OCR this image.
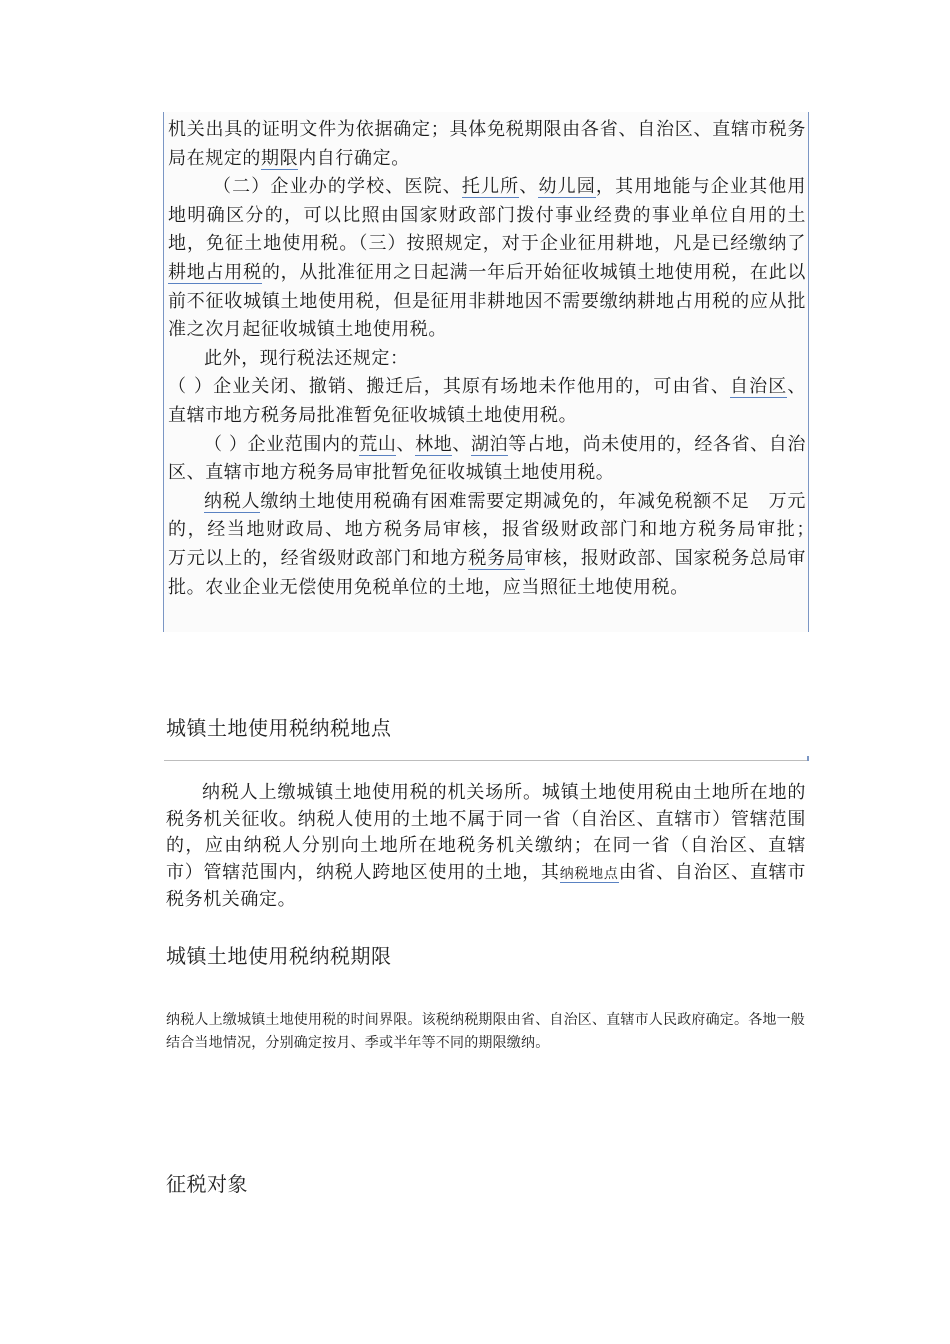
机关出具的证明文件为依据确定；具体免税期限由各省、自治区、直辖市税务局在规定的期限内自行确定。

（二）企业办的学校、医院、托儿所、幼儿园，其用地能与企业其他用地明确区分的，可以比照由国家财政部门拨付事业经费的事业单位自用的土地，免征土地使用税。（三）按照规定，对于企业征用耕地，凡是已经缴纳了耕地占用税的，从批准征用之日起满一年后开始征收城镇土地使用税，在此以前不征收城镇土地使用税，但是征用非耕地因不需要缴纳耕地占用税的应从批准之次月起征收城镇土地使用税。

此外，现行税法还规定：

（ ）企业关闭、撤销、搬迁后，其原有场地未作他用的，可由省、自治区、直辖市地方税务局批准暂免征收城镇土地使用税。

（ ）企业范围内的荒山、林地、湖泊等占地，尚未使用的，经各省、自治区、直辖市地方税务局审批暂免征收城镇土地使用税。

纳税人缴纳土地使用税确有困难需要定期减免的，年减免税额不足　万元的，经当地财政局、地方税务局审核，报省级财政部门和地方税务局审批；　万元以上的，经省级财政部门和地方税务局审核，报财政部、国家税务总局审批。农业企业无偿使用免税单位的土地，应当照征土地使用税。

城镇土地使用税纳税地点

纳税人上缴城镇土地使用税的机关场所。城镇土地使用税由土地所在地的税务机关征收。纳税人使用的土地不属于同一省（自治区、直辖市）管辖范围的，应由纳税人分别向土地所在地税务机关缴纳；在同一省（自治区、直辖市）管辖范围内，纳税人跨地区使用的土地，其纳税地点由省、自治区、直辖市税务机关确定。

城镇土地使用税纳税期限

纳税人上缴城镇土地使用税的时间界限。该税纳税期限由省、自治区、直辖市人民政府确定。各地一般结合当地情况，分别确定按月、季或半年等不同的期限缴纳。

征税对象
